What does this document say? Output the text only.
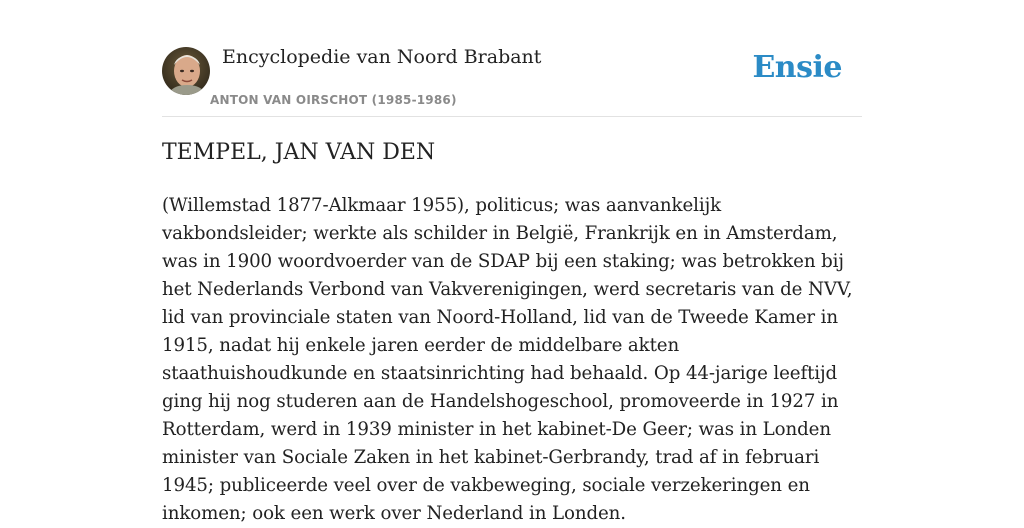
Encyclopedie van Noord Brabant
ANTON VAN OIRSCHOT (1985-1986)
Ensie
TEMPEL, JAN VAN DEN

(Willemstad 1877-Alkmaar 1955), politicus; was aanvankelijk vakbondsleider; werkte als schilder in België, Frankrijk en in Amsterdam, was in 1900 woordvoerder van de SDAP bij een staking; was betrokken bij het Nederlands Verbond van Vakverenigingen, werd secretaris van de NVV, lid van provinciale staten van Noord-Holland, lid van de Tweede Kamer in 1915, nadat hij enkele jaren eerder de middelbare akten staathuishoudkunde en staatsinrichting had behaald. Op 44-jarige leeftijd ging hij nog studeren aan de Handelshogeschool, promoveerde in 1927 in Rotterdam, werd in 1939 minister in het kabinet-De Geer; was in Londen minister van Sociale Zaken in het kabinet-Gerbrandy, trad af in februari 1945; publiceerde veel over de vakbeweging, sociale verzekeringen en inkomen; ook een werk over Nederland in Londen.
